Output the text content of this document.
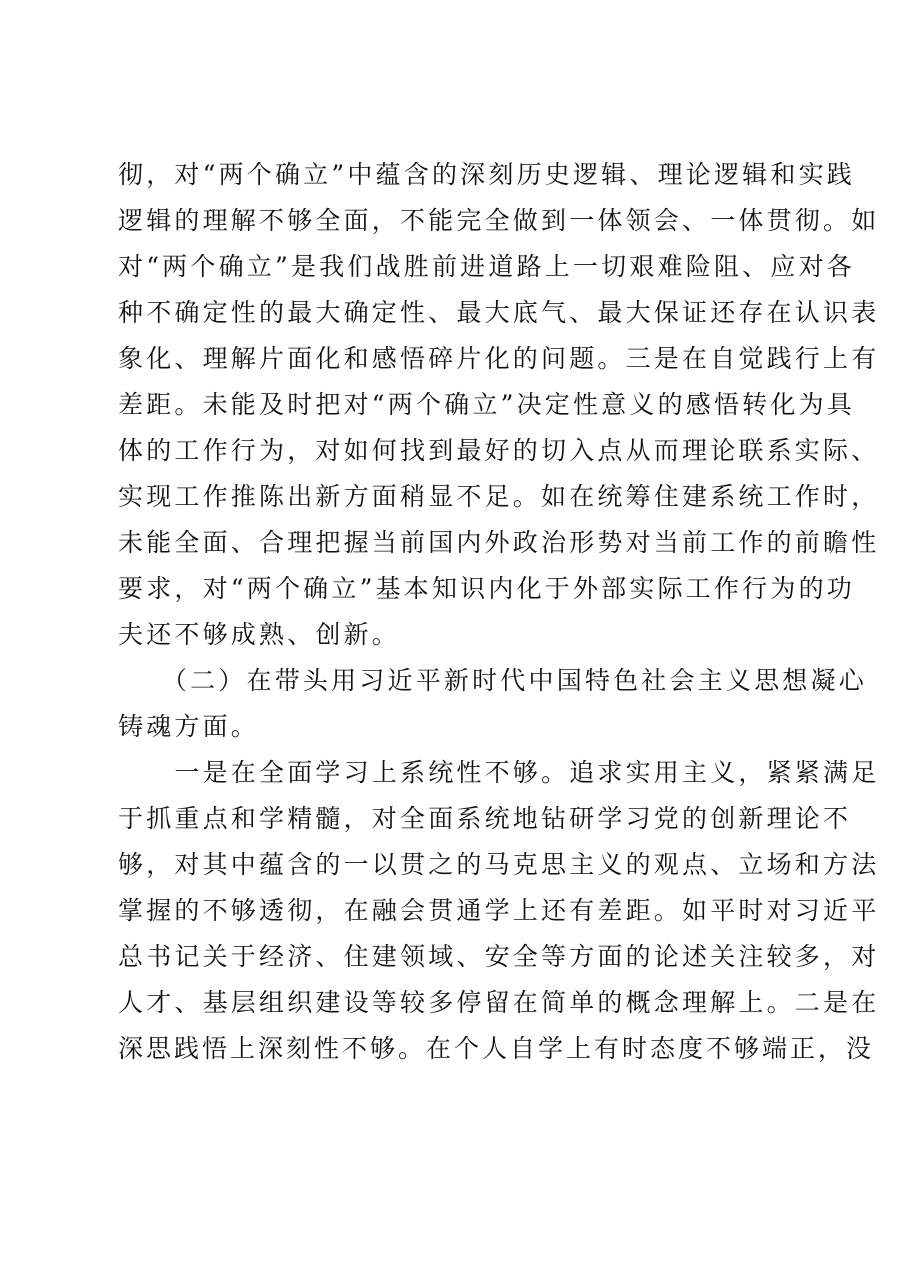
彻，对“两个确立”中蕴含的深刻历史逻辑、理论逻辑和实践
逻辑的理解不够全面，不能完全做到一体领会、一体贯彻。如
对“两个确立”是我们战胜前进道路上一切艰难险阻、应对各
种不确定性的最大确定性、最大底气、最大保证还存在认识表
象化、理解片面化和感悟碎片化的问题。三是在自觉践行上有
差距。未能及时把对“两个确立”决定性意义的感悟转化为具
体的工作行为，对如何找到最好的切入点从而理论联系实际、
实现工作推陈出新方面稍显不足。如在统筹住建系统工作时，
未能全面、合理把握当前国内外政治形势对当前工作的前瞻性
要求，对“两个确立”基本知识内化于外部实际工作行为的功
夫还不够成熟、创新。
　　（二）在带头用习近平新时代中国特色社会主义思想凝心
铸魂方面。
　　一是在全面学习上系统性不够。追求实用主义，紧紧满足
于抓重点和学精髓，对全面系统地钻研学习党的创新理论不
够，对其中蕴含的一以贯之的马克思主义的观点、立场和方法
掌握的不够透彻，在融会贯通学上还有差距。如平时对习近平
总书记关于经济、住建领域、安全等方面的论述关注较多，对
人才、基层组织建设等较多停留在简单的概念理解上。二是在
深思践悟上深刻性不够。在个人自学上有时态度不够端正，没
